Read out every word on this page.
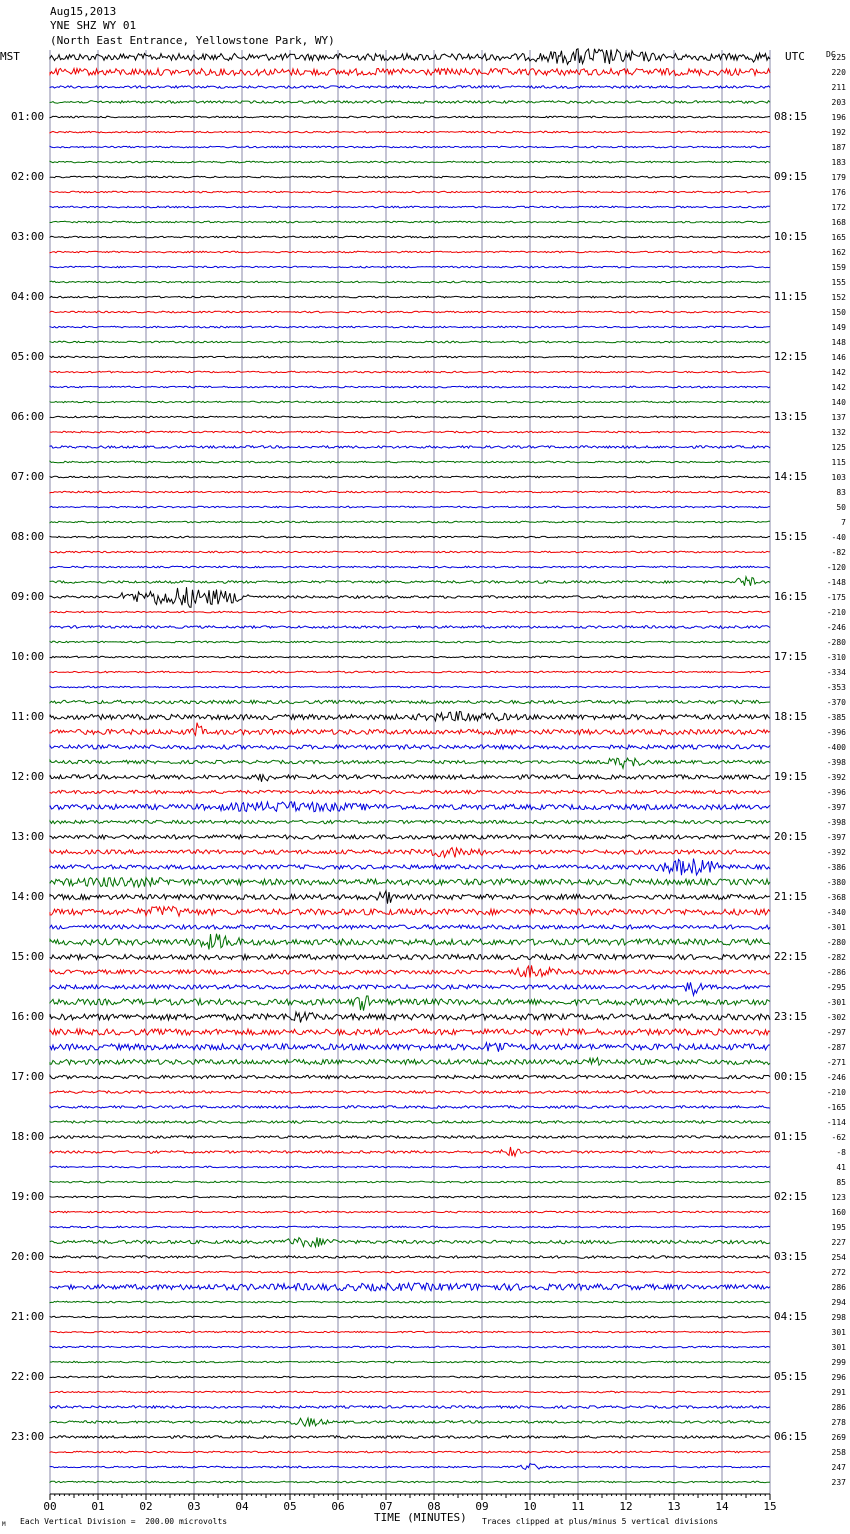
00	01	02	03	04	05	06	07	08	09	10	11	12	13	14	15
Aug15,2013
YNE SHZ WY 01
(North East Entrance, Yellowstone Park, WY)
MST	UTC	DC
01:00
02:00
03:00
04:00
05:00
06:00
07:00
08:00
09:00
10:00
11:00
12:00
13:00
14:00
15:00
16:00
17:00
18:00
19:00
20:00
21:00
22:00
23:00
08:15
09:15
10:15
11:15
12:15
13:15
14:15
15:15
16:15
17:15
18:15
19:15
20:15
21:15
22:15
23:15
00:15
01:15
02:15
03:15
04:15
05:15
06:15
225
220
211
203
196
192
187
183
179
176
172
168
165
162
159
155
152
150
149
148
146
142
142
140
137
132
125
115
103
83
50
7
-40
-82
-120
-148
-175
-210
-246
-280
-310
-334
-353
-370
-385
-396
-400
-398
-392
-396
-397
-398
-397
-392
-386
-380
-368
-340
-301
-280
-282
-286
-295
-301
-302
-297
-287
-271
-246
-210
-165
-114
-62
-8
41
85
123
160
195
227
254
272
286
294
298
301
301
299
296
291
286
278
269
258
247
237
TIME (MINUTES)
Each Vertical Division =  200.00 microvolts	Traces clipped at plus/minus 5 vertical divisions
M
